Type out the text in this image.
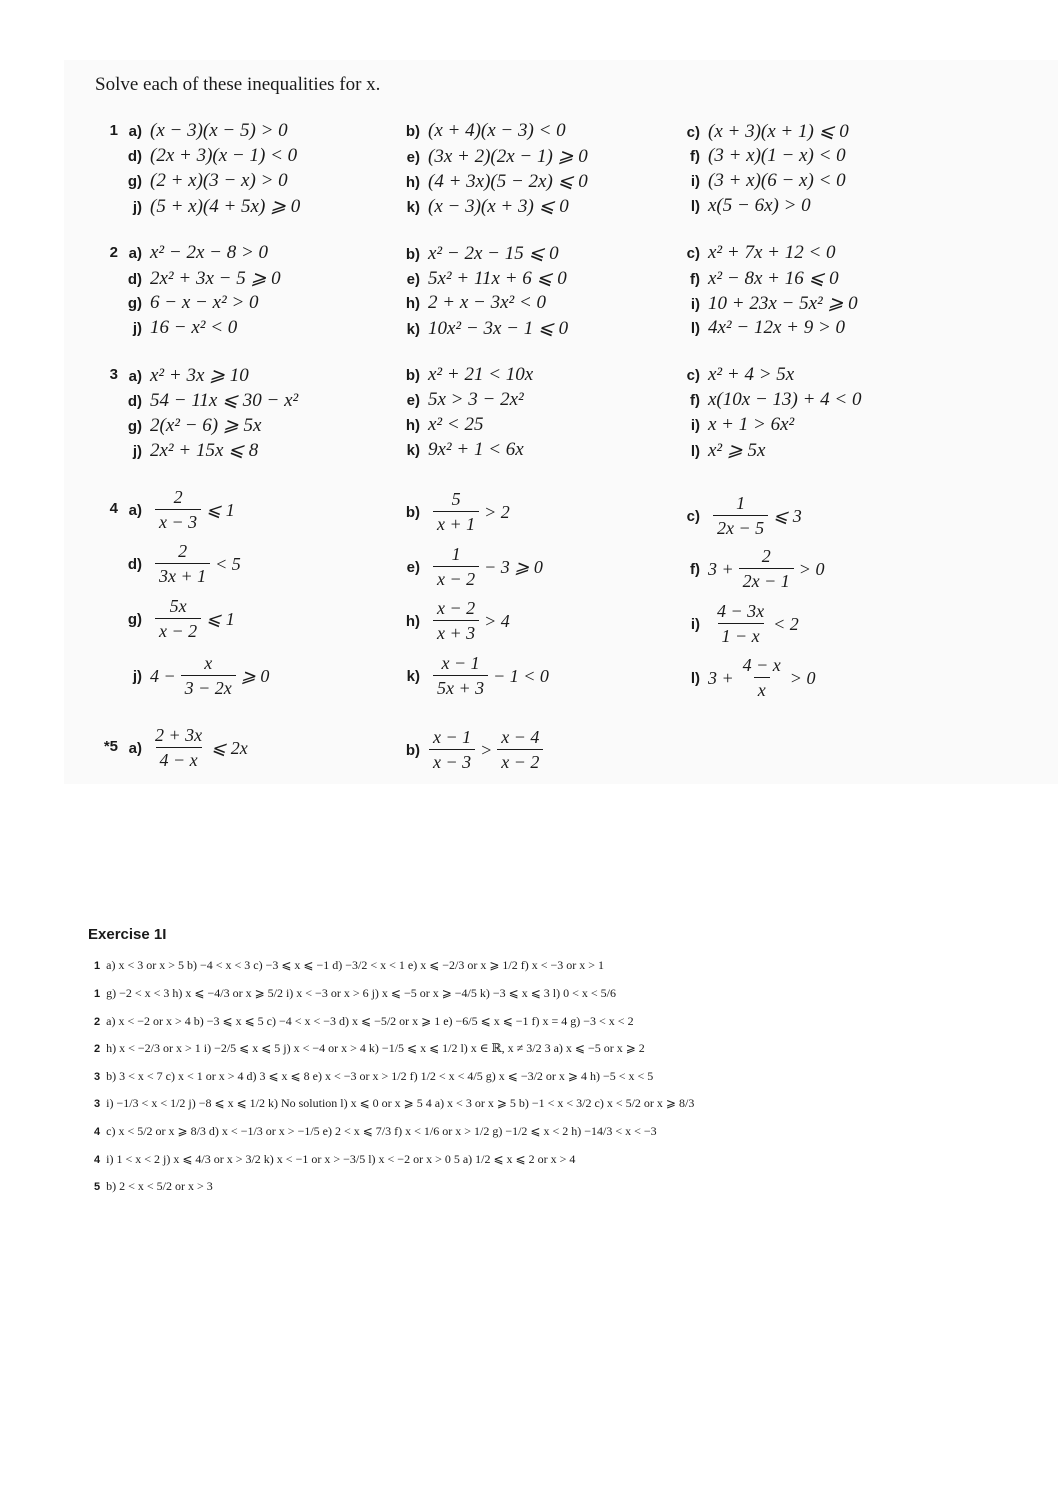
Solve each of these inequalities for x.
1
2
3
4
*5
a) (x − 3)(x − 5) > 0	b) (x + 4)(x − 3) < 0	c) (x + 3)(x + 1) ⩽ 0
d) (2x + 3)(x − 1) < 0	e) (3x + 2)(2x − 1) ⩾ 0	f) (3 + x)(1 − x) < 0
g) (2 + x)(3 − x) > 0	h) (4 + 3x)(5 − 2x) ⩽ 0	i) (3 + x)(6 − x) < 0
j) (5 + x)(4 + 5x) ⩾ 0	k) (x − 3)(x + 3) ⩽ 0	l) x(5 − 6x) > 0
a) x² − 2x − 8 > 0	b) x² − 2x − 15 ⩽ 0	c) x² + 7x + 12 < 0
d) 2x² + 3x − 5 ⩾ 0	e) 5x² + 11x + 6 ⩽ 0	f) x² − 8x + 16 ⩽ 0
g) 6 − x − x² > 0	h) 2 + x − 3x² < 0	i) 10 + 23x − 5x² ⩾ 0
j) 16 − x² < 0	k) 10x² − 3x − 1 ⩽ 0	l) 4x² − 12x + 9 > 0
a) x² + 3x ⩾ 10	b) x² + 21 < 10x	c) x² + 4 > 5x
d) 54 − 11x ⩽ 30 − x²	e) 5x > 3 − 2x²	f) x(10x − 13) + 4 < 0
g) 2(x² − 6) ⩾ 5x	h) x² < 25	i) x + 1 > 6x²
j) 2x² + 15x ⩽ 8	k) 9x² + 1 < 6x	l) x² ⩾ 5x
$a) \frac{2}{x - 3}$ ⩽ 1	$b) \frac{5}{x + 1} > 2$	$c) \frac{1}{2x - 5}$ ⩽ 3
$d) \frac{2}{3x + 1} < 5$	$e) \frac{1}{x - 2} - 3$ ⩾ 0	f) $3 + \frac{2}{2x - 1} > 0$
$g) \frac{5x}{x - 2}$ ⩽ 1	$h) \frac{x - 2}{x + 3} > 4$	$i) \frac{4 - 3x}{1 - x} < 2$
j) $4 - \frac{x}{3 - 2x}$ ⩾ 0	$k) \frac{x - 1}{5x + 3} - 1 < 0$	l) $3 + \frac{4 - x}{x} > 0$
$a) \frac{2 + 3x}{4 - x}$ ⩽ 2x	$b) \frac{x - 1}{x - 3} > \frac{x - 4}{x - 2}$
Exercise 1I
1 a) x < 3 or x > 5 b) −4 < x < 3 c) −3 ⩽ x ⩽ −1 d) −3/2 < x < 1 e) x ⩽ −2/3 or x ⩾ 1/2 f) x < −3 or x > 1
1 g) −2 < x < 3 h) x ⩽ −4/3 or x ⩾ 5/2 i) x < −3 or x > 6 j) x ⩽ −5 or x ⩾ −4/5 k) −3 ⩽ x ⩽ 3 l) 0 < x < 5/6
2 a) x < −2 or x > 4 b) −3 ⩽ x ⩽ 5 c) −4 < x < −3 d) x ⩽ −5/2 or x ⩾ 1 e) −6/5 ⩽ x ⩽ −1 f) x = 4 g) −3 < x < 2
2 h) x < −2/3 or x > 1 i) −2/5 ⩽ x ⩽ 5 j) x < −4 or x > 4 k) −1/5 ⩽ x ⩽ 1/2 l) x ∈ ℝ, x ≠ 3/2 3 a) x ⩽ −5 or x ⩾ 2
3 b) 3 < x < 7 c) x < 1 or x > 4 d) 3 ⩽ x ⩽ 8 e) x < −3 or x > 1/2 f) 1/2 < x < 4/5 g) x ⩽ −3/2 or x ⩾ 4 h) −5 < x < 5
3 i) −1/3 < x < 1/2 j) −8 ⩽ x ⩽ 1/2 k) No solution l) x ⩽ 0 or x ⩾ 5 4 a) x < 3 or x ⩾ 5 b) −1 < x < 3/2 c) x < 5/2 or x ⩾ 8/3
4 c) x < 5/2 or x ⩾ 8/3 d) x < −1/3 or x > −1/5 e) 2 < x ⩽ 7/3 f) x < 1/6 or x > 1/2 g) −1/2 ⩽ x < 2 h) −14/3 < x < −3
4 i) 1 < x < 2 j) x ⩽ 4/3 or x > 3/2 k) x < −1 or x > −3/5 l) x < −2 or x > 0 5 a) 1/2 ⩽ x ⩽ 2 or x > 4
5 b) 2 < x < 5/2 or x > 3
